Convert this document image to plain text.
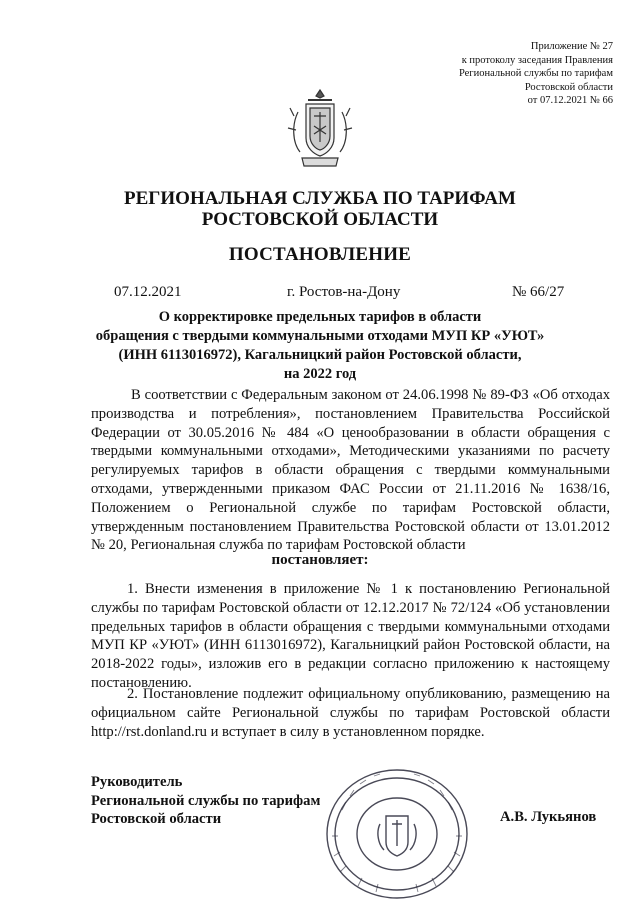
Приложение № 27
к протоколу заседания Правления
Региональной службы по тарифам
Ростовской области
от 07.12.2021 № 66
РЕГИОНАЛЬНАЯ СЛУЖБА ПО ТАРИФАМ
РОСТОВСКОЙ ОБЛАСТИ
ПОСТАНОВЛЕНИЕ
07.12.2021	г. Ростов-на-Дону	№ 66/27
О корректировке предельных тарифов в области
обращения с твердыми коммунальными отходами МУП КР «УЮТ»
(ИНН 6113016972), Кагальницкий район Ростовской области,
на 2022 год
В соответствии с Федеральным законом от 24.06.1998 № 89-ФЗ «Об отходах производства и потребления», постановлением Правительства Российской Федерации от 30.05.2016 № 484 «О ценообразовании в области обращения с твердыми коммунальными отходами», Методическими указаниями по расчету регулируемых тарифов в области обращения с твердыми коммунальными отходами, утвержденными приказом ФАС России от 21.11.2016 № 1638/16, Положением о Региональной службе по тарифам Ростовской области, утвержденным постановлением Правительства Ростовской области от 13.01.2012 № 20, Региональная служба по тарифам Ростовской области
постановляет:
1. Внести изменения в приложение № 1 к постановлению Региональной службы по тарифам Ростовской области от 12.12.2017 № 72/124 «Об установлении предельных тарифов в области обращения с твердыми коммунальными отходами МУП КР «УЮТ» (ИНН 6113016972), Кагальницкий район Ростовской области, на 2018-2022 годы», изложив его в редакции согласно приложению к настоящему постановлению.
2. Постановление подлежит официальному опубликованию, размещению на официальном сайте Региональной службы по тарифам Ростовской области http://rst.donland.ru и вступает в силу в установленном порядке.
Руководитель
Региональной службы по тарифам
Ростовской области	А.В. Лукьянов
